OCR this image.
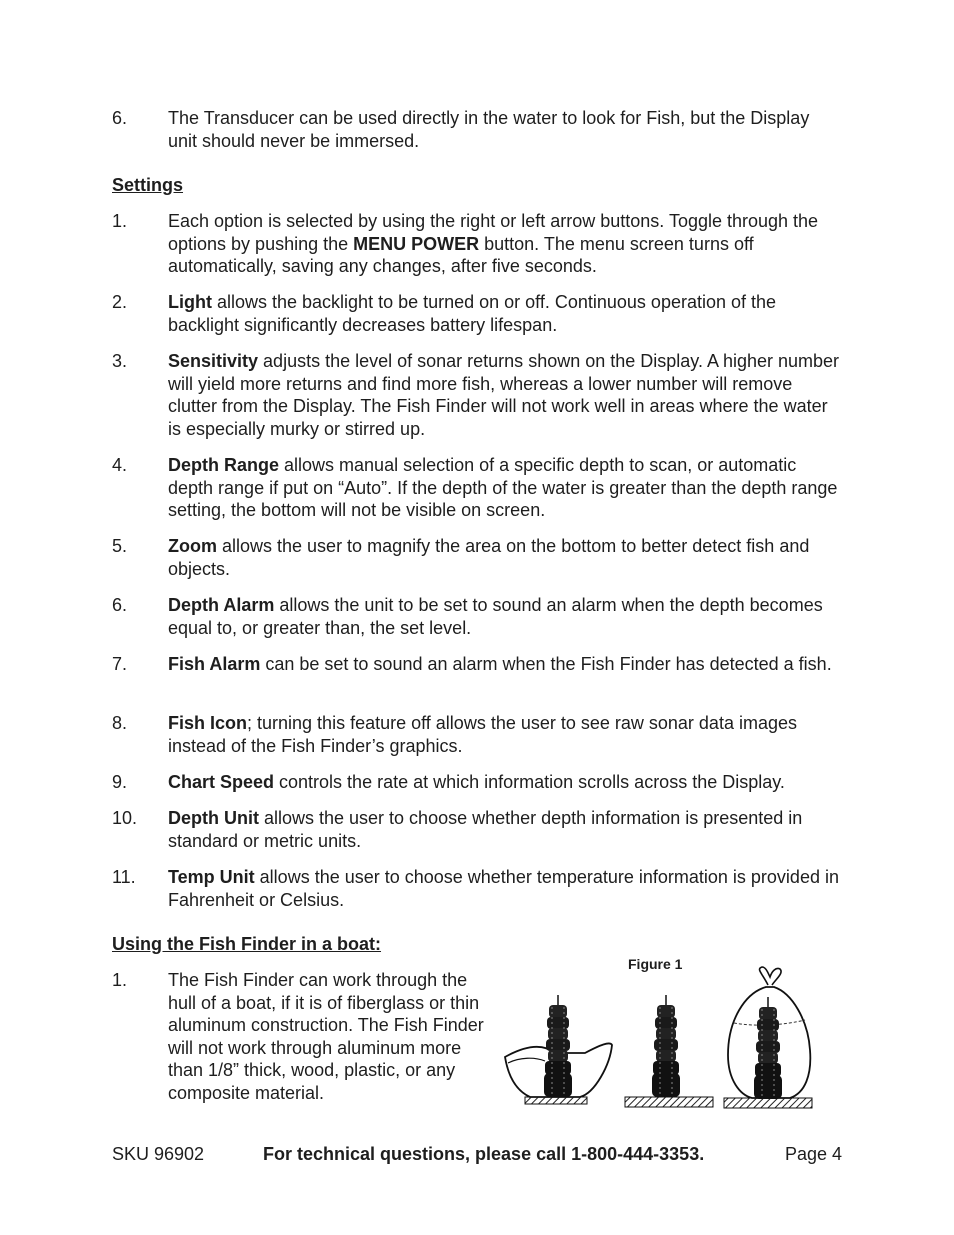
6. The Transducer can be used directly in the water to look for Fish, but the Display unit should never be immersed.
Settings
1. Each option is selected by using the right or left arrow buttons. Toggle through the options by pushing the MENU POWER button. The menu screen turns off automatically, saving any changes, after five seconds.
2. Light allows the backlight to be turned on or off. Continuous operation of the backlight significantly decreases battery lifespan.
3. Sensitivity adjusts the level of sonar returns shown on the Display. A higher number will yield more returns and find more fish, whereas a lower number will remove clutter from the Display. The Fish Finder will not work well in areas where the water is especially murky or stirred up.
4. Depth Range allows manual selection of a specific depth to scan, or automatic depth range if put on “Auto”. If the depth of the water is greater than the depth range setting, the bottom will not be visible on screen.
5. Zoom allows the user to magnify the area on the bottom to better detect fish and objects.
6. Depth Alarm allows the unit to be set to sound an alarm when the depth becomes equal to, or greater than, the set level.
7. Fish Alarm can be set to sound an alarm when the Fish Finder has detected a fish.
8. Fish Icon; turning this feature off allows the user to see raw sonar data images instead of the Fish Finder’s graphics.
9. Chart Speed controls the rate at which information scrolls across the Display.
10. Depth Unit allows the user to choose whether depth information is presented in standard or metric units.
11. Temp Unit allows the user to choose whether temperature information is provided in Fahrenheit or Celsius.
Using the Fish Finder in a boat:
1. The Fish Finder can work through the hull of a boat, if it is of fiberglass or thin aluminum construction. The Fish Finder will not work through aluminum more than 1/8” thick, wood, plastic, or any composite material.
Figure 1
SKU 96902	For technical questions, please call 1-800-444-3353.	Page 4
